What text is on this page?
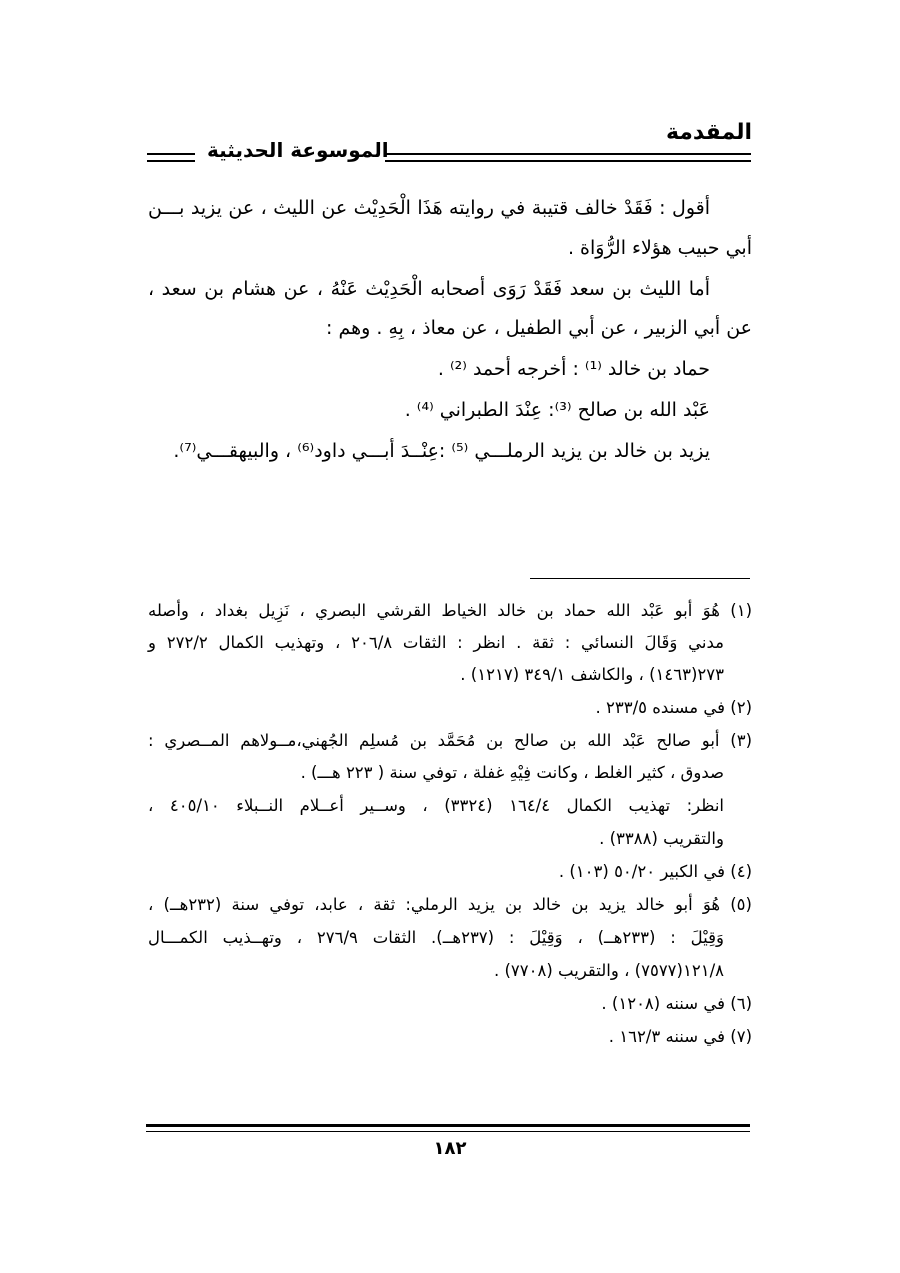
المقدمة
الموسوعة الحديثية
أقول : فَقَدْ خالف قتيبة في روايته هَذَا الْحَدِيْث عن الليث ، عن يزيد بـــن
أبي حبيب هؤلاء الرُّوَاة .
أما الليث بن سعد فَقَدْ رَوَى أصحابه الْحَدِيْث عَنْهُ ، عن هشام بن سعد ،
عن أبي الزبير ، عن أبي الطفيل ، عن معاذ ، بِهِ . وهم :
حماد بن خالد ⁽¹⁾ : أخرجه أحمد ⁽²⁾ .
عَبْد الله بن صالح ⁽³⁾: عِنْدَ الطبراني ⁽⁴⁾ .
يزيد بن خالد بن يزيد الرملـــي ⁽⁵⁾ :عِنْــدَ أبـــي داود⁽⁶⁾ ، والبيهقـــي⁽⁷⁾.
(١) هُوَ أبو عَبْد الله حماد بن خالد الخياط القرشي البصري ، نَزِيل بغداد ، وأصله
مدني وَقَالَ النسائي : ثقة . انظر : الثقات ٢٠٦/٨ ، وتهذيب الكمال ٢٧٢/٢ و
٢٧٣(١٤٦٣) ، والكاشف ٣٤٩/١ (١٢١٧) .
(٢) في مسنده ٢٣٣/٥ .
(٣) أبو صالح عَبْد الله بن صالح بن مُحَمَّد بن مُسلِم الجُهني،مــولاهم المــصري :
صدوق ، كثير الغلط ، وكانت فِيْهِ غفلة ، توفي سنة ( ٢٢٣ هـــ) .
انظر: تهذيب الكمال ١٦٤/٤ (٣٣٢٤) ، وســير أعــلام النــبلاء ٤٠٥/١٠ ،
والتقريب (٣٣٨٨) .
(٤) في الكبير ٥٠/٢٠ (١٠٣) .
(٥) هُوَ أبو خالد يزيد بن خالد بن يزيد الرملي: ثقة ، عابد، توفي سنة (٢٣٢هــ) ،
وَقِيْلَ : (٢٣٣هــ) ، وَقِيْلَ : (٢٣٧هــ). الثقات ٢٧٦/٩ ، وتهــذيب الكمـــال
١٢١/٨(٧٥٧٧) ، والتقريب (٧٧٠٨) .
(٦) في سننه (١٢٠٨) .
(٧) في سننه ١٦٢/٣ .
١٨٢
